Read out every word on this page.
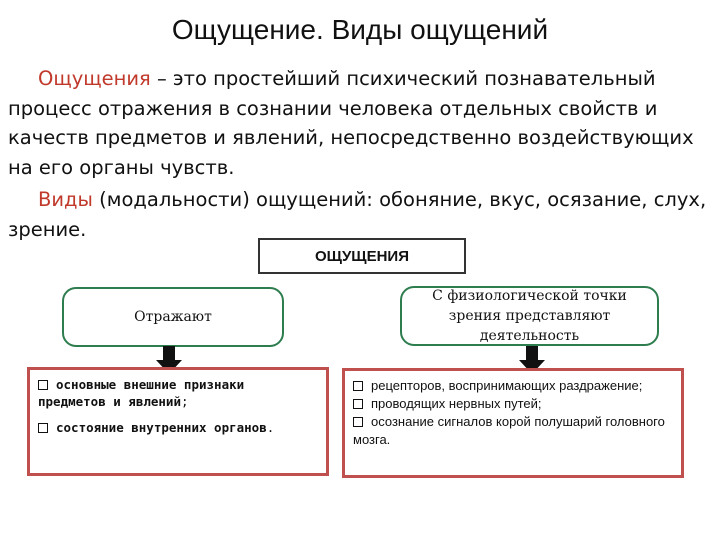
Ощущение. Виды ощущений
Ощущения – это простейший психический познавательный процесс отражения в сознании человека отдельных свойств и качеств предметов и явлений, непосредственно воздействующих на его органы чувств.
Виды (модальности) ощущений: обоняние, вкус, осязание, слух, зрение.
ОЩУЩЕНИЯ
Отражают
С физиологической точки зрения представляют деятельность
основные внешние признаки предметов и явлений;
состояние внутренних органов.
рецепторов, воспринимающих раздражение;
проводящих нервных путей;
осознание сигналов корой полушарий головного мозга.
